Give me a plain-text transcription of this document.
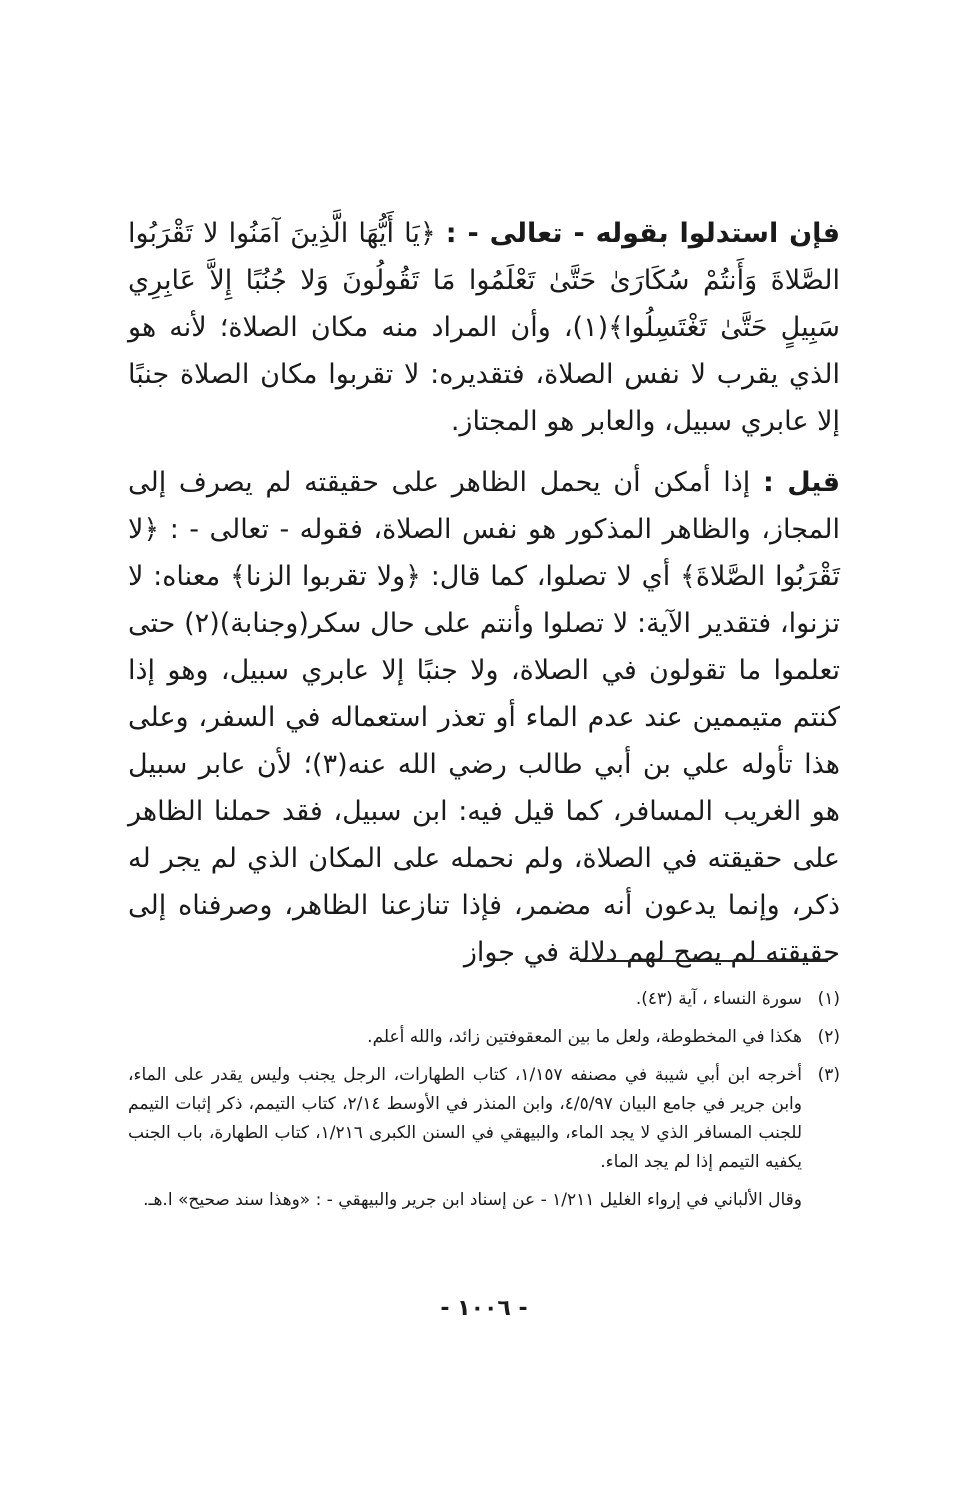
فإن استدلوا بقوله - تعالى - : ﴿يَا أَيُّهَا الَّذِينَ آمَنُوا لا تَقْرَبُوا الصَّلاةَ وَأَنتُمْ سُكَارَىٰ حَتَّىٰ تَعْلَمُوا مَا تَقُولُونَ وَلا جُنُبًا إِلاَّ عَابِرِي سَبِيلٍ حَتَّىٰ تَغْتَسِلُوا﴾(١)، وأن المراد منه مكان الصلاة؛ لأنه هو الذي يقرب لا نفس الصلاة، فتقديره: لا تقربوا مكان الصلاة جنبًا إلا عابري سبيل، والعابر هو المجتاز.

قيل : إذا أمكن أن يحمل الظاهر على حقيقته لم يصرف إلى المجاز، والظاهر المذكور هو نفس الصلاة، فقوله - تعالى - : ﴿لا تَقْرَبُوا الصَّلاةَ﴾ أي لا تصلوا، كما قال: ﴿ولا تقربوا الزنا﴾ معناه: لا تزنوا، فتقدير الآية: لا تصلوا وأنتم على حال سكر(وجنابة)(٢) حتى تعلموا ما تقولون في الصلاة، ولا جنبًا إلا عابري سبيل، وهو إذا كنتم متيممين عند عدم الماء أو تعذر استعماله في السفر، وعلى هذا تأوله علي بن أبي طالب رضي الله عنه(٣)؛ لأن عابر سبيل هو الغريب المسافر، كما قيل فيه: ابن سبيل، فقد حملنا الظاهر على حقيقته في الصلاة، ولم نحمله على المكان الذي لم يجر له ذكر، وإنما يدعون أنه مضمر، فإذا تنازعنا الظاهر، وصرفناه إلى حقيقته لم يصح لهم دلالة في جواز

(١)
سورة النساء ، آية (٤٣).
(٢)
هكذا في المخطوطة، ولعل ما بين المعقوفتين زائد، والله أعلم.
(٣)
أخرجه ابن أبي شيبة في مصنفه ١/١٥٧، كتاب الطهارات، الرجل يجنب وليس يقدر على الماء، وابن جرير في جامع البيان ٤/٥/٩٧، وابن المنذر في الأوسط ٢/١٤، كتاب التيمم، ذكر إثبات التيمم للجنب المسافر الذي لا يجد الماء، والبيهقي في السنن الكبرى ١/٢١٦، كتاب الطهارة، باب الجنب يكفيه التيمم إذا لم يجد الماء.
وقال الألباني في إرواء الغليل ١/٢١١ - عن إسناد ابن جرير والبيهقي - : «وهذا سند صحيح» ا.هـ.
- ١٠٠٦ -
